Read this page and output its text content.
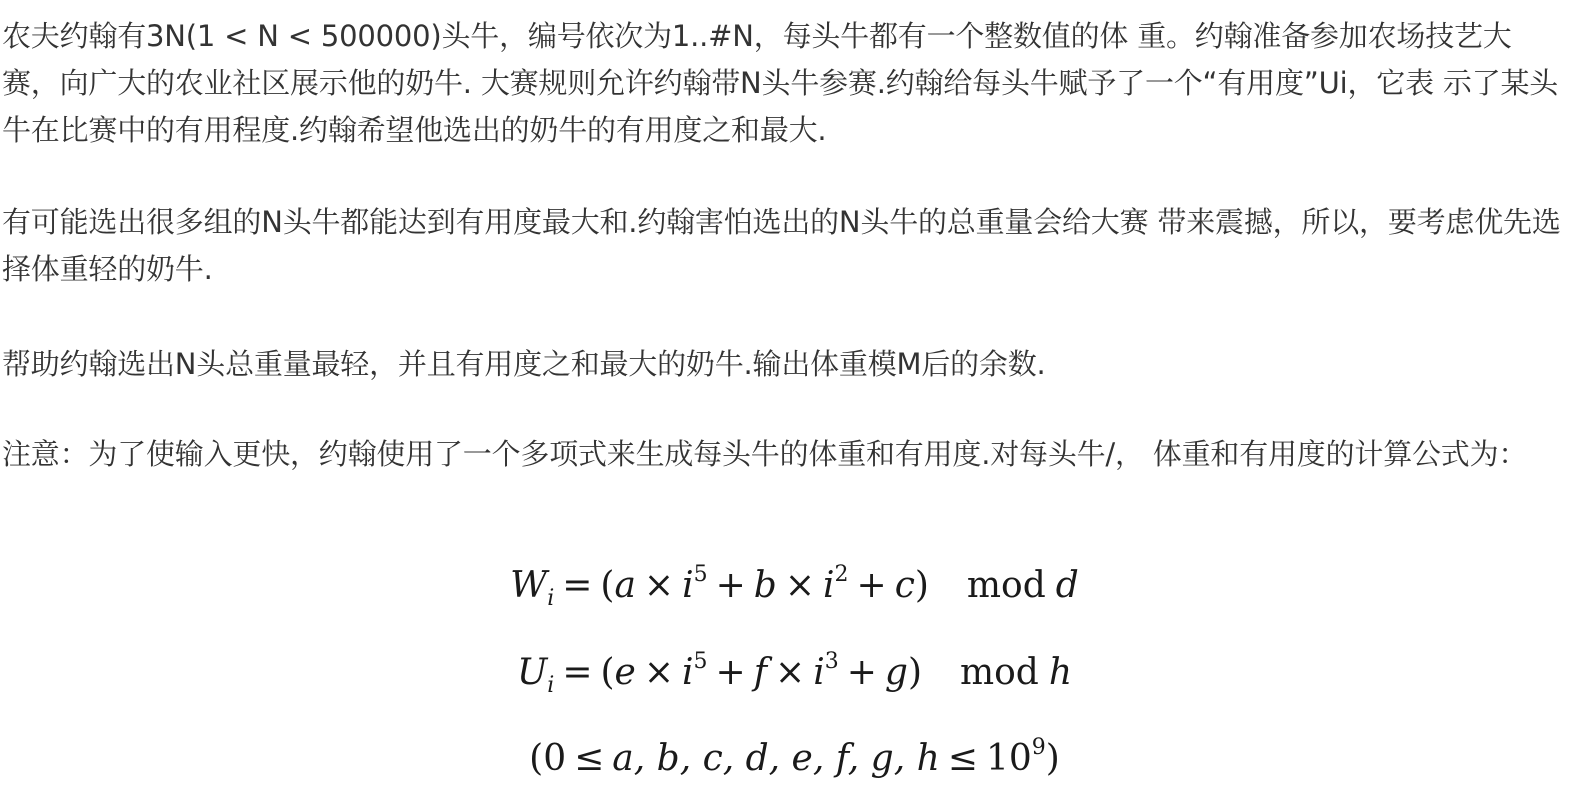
农夫约翰有3N(1 < N < 500000)头牛，编号依次为1..#N，每头牛都有一个整数值的体 重。约翰准备参加农场技艺大赛，向广大的农业社区展示他的奶牛. 大赛规则允许约翰带N头牛参赛.约翰给每头牛赋予了一个“有用度”Ui，它表 示了某头牛在比赛中的有用程度.约翰希望他选出的奶牛的有用度之和最大.

有可能选出很多组的N头牛都能达到有用度最大和.约翰害怕选出的N头牛的总重量会给大赛 带来震撼，所以，要考虑优先选择体重轻的奶牛.

帮助约翰选出N头总重量最轻，并且有用度之和最大的奶牛.输出体重模M后的余数.

注意：为了使输入更快，约翰使用了一个多项式来生成每头牛的体重和有用度.对每头牛/， 体重和有用度的计算公式为：

$W_i = (a \times i^5 + b \times i^2 + c)$ mod d
$U_i = (e \times i^5 + f \times i^3 + g)$ mod h
(0 ≤ a, b, c, d, e, f, g, $h \le 10^9$)
